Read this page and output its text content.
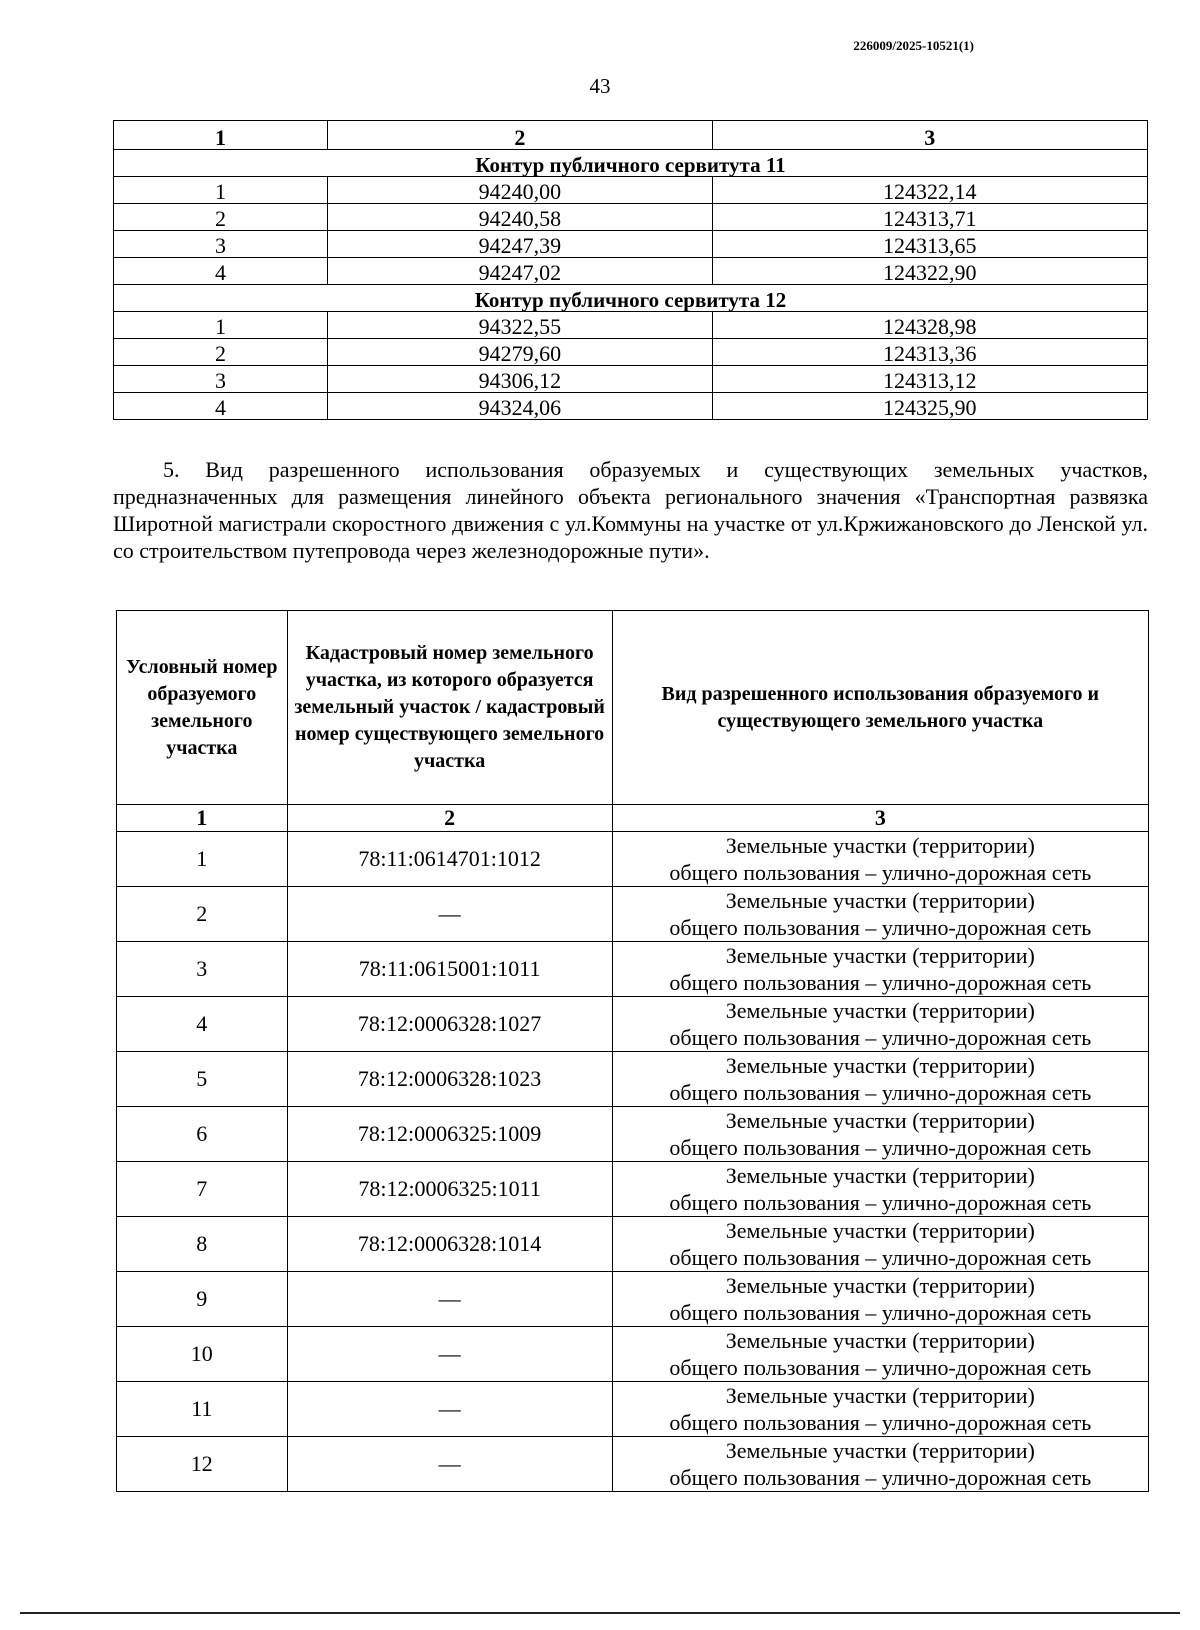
226009/2025-10521(1)
43
1	2	3
Контур публичного сервитута 11		
1	94240,00	124322,14
2	94240,58	124313,71
3	94247,39	124313,65
4	94247,02	124322,90
Контур публичного сервитута 12		
1	94322,55	124328,98
2	94279,60	124313,36
3	94306,12	124313,12
4	94324,06	124325,90
5. Вид разрешенного использования образуемых и существующих земельных участков, предназначенных для размещения линейного объекта регионального значения «Транспортная развязка Широтной магистрали скоростного движения с ул.Коммуны на участке от ул.Кржижановского до Ленской ул. со строительством путепровода через железнодорожные пути».
Условный номер образуемого земельного участка	Кадастровый номер земельного участка, из которого образуется земельный участок / кадастровый номер существующего земельного участка	Вид разрешенного использования образуемого и существующего земельного участка
1	2	3
1	78:11:0614701:1012	Земельные участки (территории)
общего пользования – улично-дорожная сеть
2	—	Земельные участки (территории)
общего пользования – улично-дорожная сеть
3	78:11:0615001:1011	Земельные участки (территории)
общего пользования – улично-дорожная сеть
4	78:12:0006328:1027	Земельные участки (территории)
общего пользования – улично-дорожная сеть
5	78:12:0006328:1023	Земельные участки (территории)
общего пользования – улично-дорожная сеть
6	78:12:0006325:1009	Земельные участки (территории)
общего пользования – улично-дорожная сеть
7	78:12:0006325:1011	Земельные участки (территории)
общего пользования – улично-дорожная сеть
8	78:12:0006328:1014	Земельные участки (территории)
общего пользования – улично-дорожная сеть
9	—	Земельные участки (территории)
общего пользования – улично-дорожная сеть
10	—	Земельные участки (территории)
общего пользования – улично-дорожная сеть
11	—	Земельные участки (территории)
общего пользования – улично-дорожная сеть
12	—	Земельные участки (территории)
общего пользования – улично-дорожная сеть
